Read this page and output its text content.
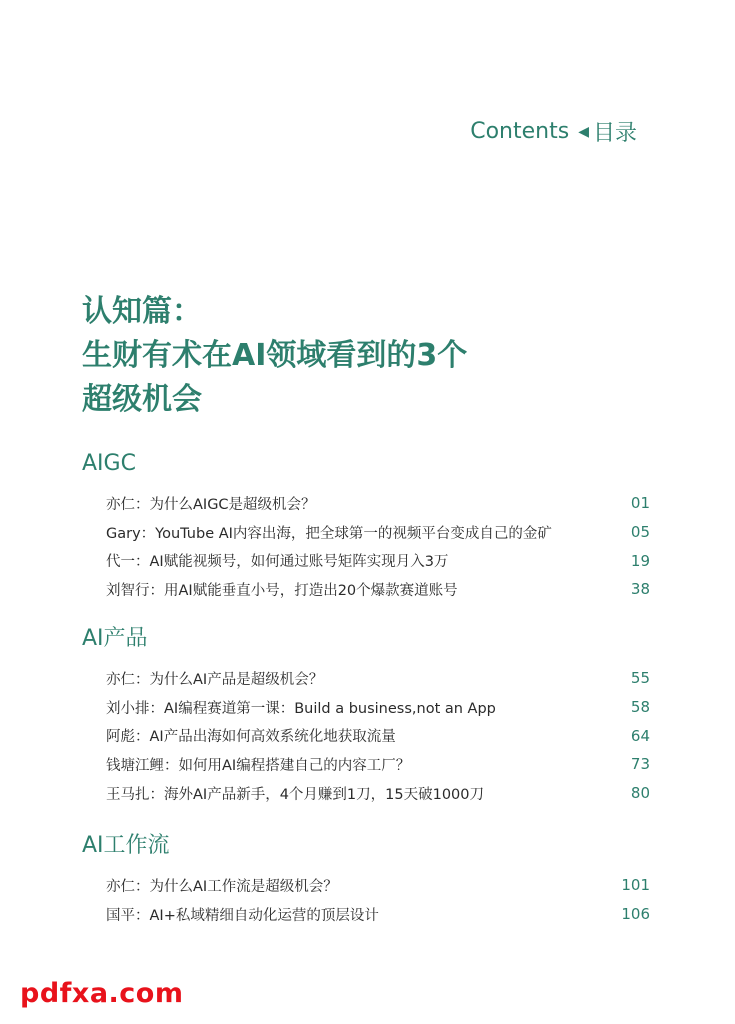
Contents ◀ 目录
认知篇：
生财有术在AI领域看到的3个
超级机会
AIGC
亦仁：为什么AIGC是超级机会？	01
Gary：YouTube AI内容出海，把全球第一的视频平台变成自己的金矿	05
代一：AI赋能视频号，如何通过账号矩阵实现月入3万	19
刘智行：用AI赋能垂直小号，打造出20个爆款赛道账号	38
AI产品
亦仁：为什么AI产品是超级机会？	55
刘小排：AI编程赛道第一课：Build a business,not an App	58
阿彪：AI产品出海如何高效系统化地获取流量	64
钱塘江鲤：如何用AI编程搭建自己的内容工厂？	73
王马扎：海外AI产品新手，4个月赚到1刀，15天破1000刀	80
AI工作流
亦仁：为什么AI工作流是超级机会？	101
国平：AI+私域精细自动化运营的顶层设计	106
pdfxa.com
